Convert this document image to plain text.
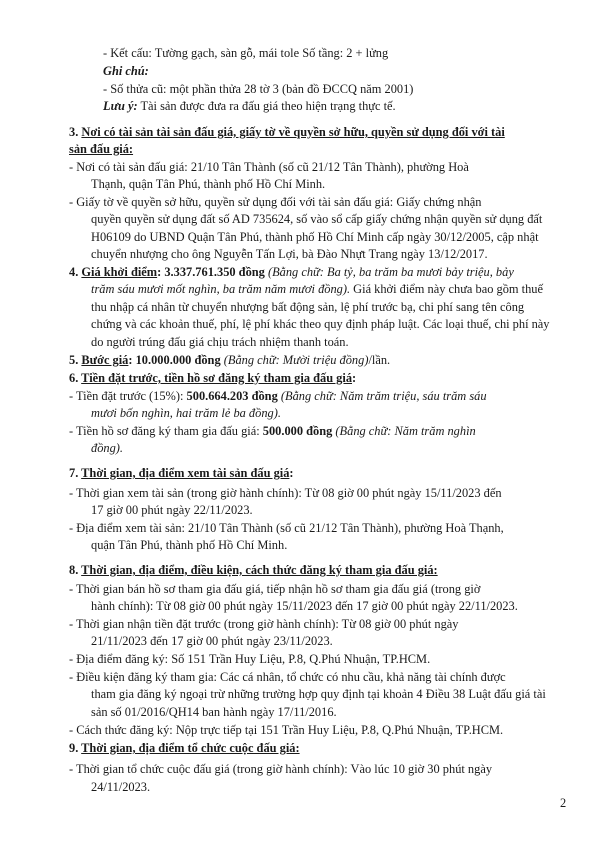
- Kết cấu: Tường gạch, sàn gỗ, mái tole Số tầng: 2 + lửng
Ghi chú:
- Số thửa cũ: một phần thửa 28 tờ 3 (bản đồ ĐCCQ năm 2001)
Lưu ý: Tài sản được đưa ra đấu giá theo hiện trạng thực tế.
3. Nơi có tài sản tài sản đấu giá, giấy tờ về quyền sở hữu, quyền sử dụng đối với tài
sản đấu giá:
- Nơi có tài sản đấu giá: 21/10 Tân Thành (số cũ 21/12 Tân Thành), phường Hoà
Thạnh, quận Tân Phú, thành phố Hồ Chí Minh.
- Giấy tờ về quyền sở hữu, quyền sử dụng đối với tài sản đấu giá: Giấy chứng nhận
quyền quyền sử dụng đất số AD 735624, số vào sổ cấp giấy chứng nhận quyền sử dụng đất
H06109 do UBND Quận Tân Phú, thành phố Hồ Chí Minh cấp ngày 30/12/2005, cập nhật
chuyển nhượng cho ông Nguyễn Tấn Lợi, bà Đào Nhựt Trang ngày 13/12/2017.
4. Giá khởi điểm: 3.337.761.350 đồng (Bằng chữ: Ba tỷ, ba trăm ba mươi bảy triệu, bảy
trăm sáu mươi mốt nghìn, ba trăm năm mươi đồng). Giá khởi điểm này chưa bao gồm thuế
thu nhập cá nhân từ chuyển nhượng bất động sản, lệ phí trước bạ, chi phí sang tên công
chứng và các khoản thuế, phí, lệ phí khác theo quy định pháp luật. Các loại thuế, chi phí này
do người trúng đấu giá chịu trách nhiệm thanh toán.
5. Bước giá: 10.000.000 đồng (Bằng chữ: Mười triệu đồng)/lần.
6. Tiền đặt trước, tiền hồ sơ đăng ký tham gia đấu giá:
- Tiền đặt trước (15%): 500.664.203 đồng (Bằng chữ: Năm trăm triệu, sáu trăm sáu
mươi bốn nghìn, hai trăm lẻ ba đồng).
- Tiền hồ sơ đăng ký tham gia đấu giá: 500.000 đồng (Bằng chữ: Năm trăm nghìn
đồng).
7. Thời gian, địa điểm xem tài sản đấu giá:
- Thời gian xem tài sản (trong giờ hành chính): Từ 08 giờ 00 phút ngày 15/11/2023 đến
17 giờ 00 phút ngày 22/11/2023.
- Địa điểm xem tài sản: 21/10 Tân Thành (số cũ 21/12 Tân Thành), phường Hoà Thạnh,
quận Tân Phú, thành phố Hồ Chí Minh.
8. Thời gian, địa điểm, điều kiện, cách thức đăng ký tham gia đấu giá:
- Thời gian bán hồ sơ tham gia đấu giá, tiếp nhận hồ sơ tham gia đấu giá (trong giờ
hành chính): Từ 08 giờ 00 phút ngày 15/11/2023 đến 17 giờ 00 phút ngày 22/11/2023.
- Thời gian nhận tiền đặt trước (trong giờ hành chính): Từ 08 giờ 00 phút ngày
21/11/2023 đến 17 giờ 00 phút ngày 23/11/2023.
- Địa điểm đăng ký: Số 151 Trần Huy Liệu, P.8, Q.Phú Nhuận, TP.HCM.
- Điều kiện đăng ký tham gia: Các cá nhân, tổ chức có nhu cầu, khả năng tài chính được
tham gia đăng ký ngoại trừ những trường hợp quy định tại khoản 4 Điều 38 Luật đấu giá tài
sản số 01/2016/QH14 ban hành ngày 17/11/2016.
- Cách thức đăng ký: Nộp trực tiếp tại 151 Trần Huy Liệu, P.8, Q.Phú Nhuận, TP.HCM.
9. Thời gian, địa điểm tổ chức cuộc đấu giá:
- Thời gian tổ chức cuộc đấu giá (trong giờ hành chính): Vào lúc 10 giờ 30 phút ngày
24/11/2023.
2
